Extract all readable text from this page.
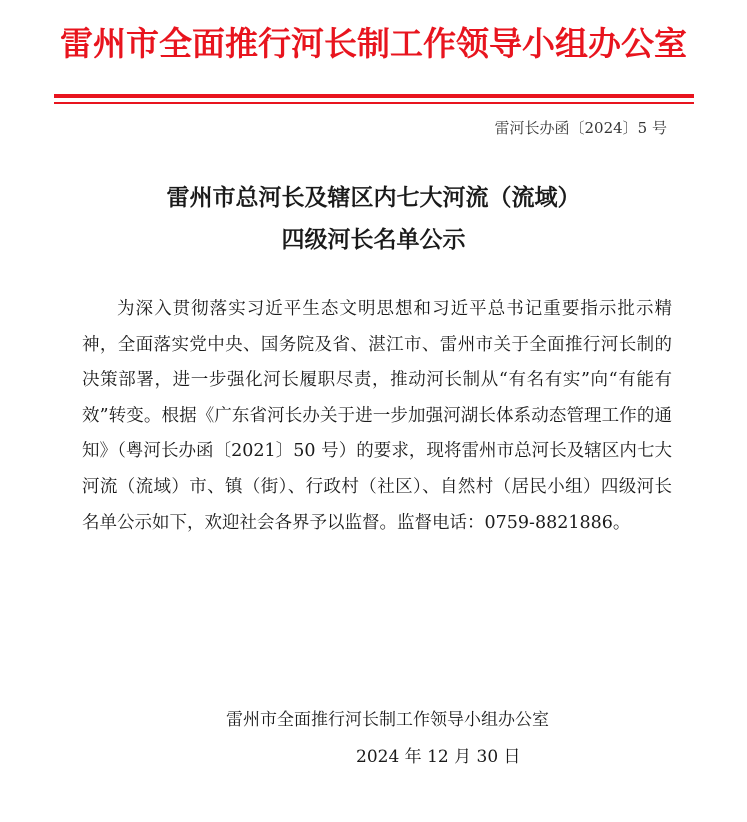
雷州市全面推行河长制工作领导小组办公室
雷河长办函〔2024〕5 号
雷州市总河长及辖区内七大河流（流域）
四级河长名单公示

为深入贯彻落实习近平生态文明思想和习近平总书记重要指示批示精神，全面落实党中央、国务院及省、湛江市、雷州市关于全面推行河长制的决策部署，进一步强化河长履职尽责，推动河长制从“有名有实”向“有能有效”转变。根据《广东省河长办关于进一步加强河湖长体系动态管理工作的通知》（粤河长办函〔2021〕50 号）的要求，现将雷州市总河长及辖区内七大河流（流域）市、镇（街）、行政村（社区）、自然村（居民小组）四级河长名单公示如下，欢迎社会各界予以监督。监督电话：0759-8821886。

雷州市全面推行河长制工作领导小组办公室
2024 年 12 月 30 日
